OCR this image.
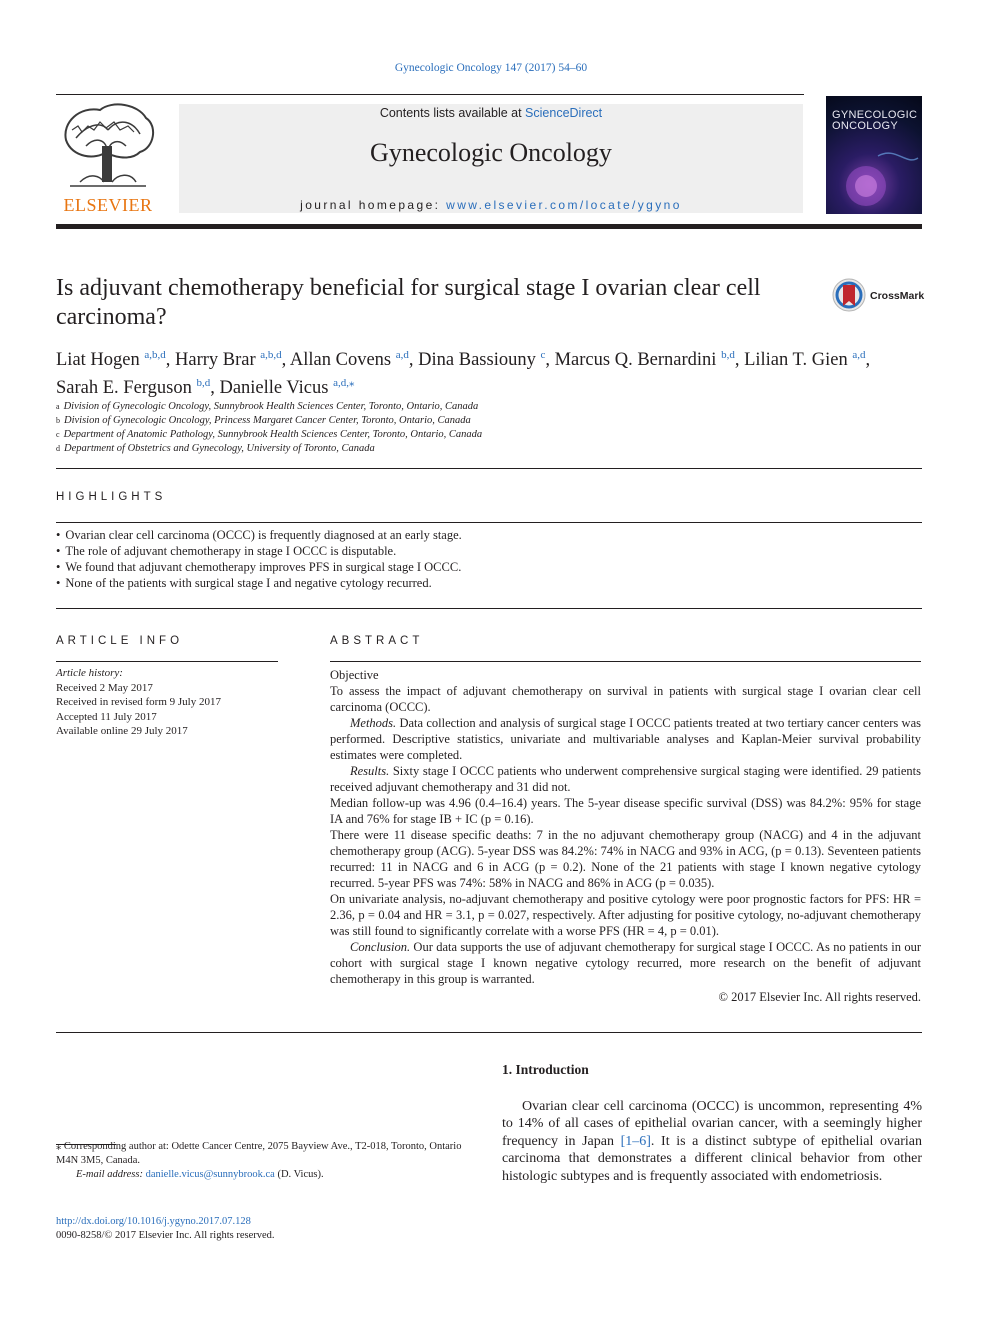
Gynecologic Oncology 147 (2017) 54–60
ELSEVIER
Contents lists available at ScienceDirect
Gynecologic Oncology
journal homepage: www.elsevier.com/locate/ygyno
GYNECOLOGIC ONCOLOGY
Is adjuvant chemotherapy beneficial for surgical stage I ovarian clear cell carcinoma?
CrossMark
Liat Hogen $^{a,b,d}$, Harry Brar $^{a,b,d}$, Allan Covens $^{a,d}$, Dina Bassiouny $^c$, Marcus Q. Bernardini $^{b,d}$, Lilian T. Gien $^{a,d}$,
Sarah E. Ferguson $^{b,d}$, Danielle Vicus $^{a,d,⁎}$
$^a$ Division of Gynecologic Oncology, Sunnybrook Health Sciences Center, Toronto, Ontario, Canada
$^b$ Division of Gynecologic Oncology, Princess Margaret Cancer Center, Toronto, Ontario, Canada
$^c$ Department of Anatomic Pathology, Sunnybrook Health Sciences Center, Toronto, Ontario, Canada
$^d$ Department of Obstetrics and Gynecology, University of Toronto, Canada
HIGHLIGHTS
• Ovarian clear cell carcinoma (OCCC) is frequently diagnosed at an early stage.
• The role of adjuvant chemotherapy in stage I OCCC is disputable.
• We found that adjuvant chemotherapy improves PFS in surgical stage I OCCC.
• None of the patients with surgical stage I and negative cytology recurred.
ARTICLE INFO
Article history:
Received 2 May 2017
Received in revised form 9 July 2017
Accepted 11 July 2017
Available online 29 July 2017
ABSTRACT

Objective

To assess the impact of adjuvant chemotherapy on survival in patients with surgical stage I ovarian clear cell carcinoma (OCCC).

Methods. Data collection and analysis of surgical stage I OCCC patients treated at two tertiary cancer centers was performed. Descriptive statistics, univariate and multivariable analyses and Kaplan-Meier survival probability estimates were completed.

Results. Sixty stage I OCCC patients who underwent comprehensive surgical staging were identified. 29 patients received adjuvant chemotherapy and 31 did not.

Median follow-up was 4.96 (0.4–16.4) years. The 5-year disease specific survival (DSS) was 84.2%: 95% for stage IA and 76% for stage IB + IC (p = 0.16).

There were 11 disease specific deaths: 7 in the no adjuvant chemotherapy group (NACG) and 4 in the adjuvant chemotherapy group (ACG). 5-year DSS was 84.2%: 74% in NACG and 93% in ACG, (p = 0.13). Seventeen patients recurred: 11 in NACG and 6 in ACG (p = 0.2). None of the 21 patients with stage I known negative cytology recurred. 5-year PFS was 74%: 58% in NACG and 86% in ACG (p = 0.035).

On univariate analysis, no-adjuvant chemotherapy and positive cytology were poor prognostic factors for PFS: HR = 2.36, p = 0.04 and HR = 3.1, p = 0.027, respectively. After adjusting for positive cytology, no-adjuvant chemotherapy was still found to significantly correlate with a worse PFS (HR = 4, p = 0.01).

Conclusion. Our data supports the use of adjuvant chemotherapy for surgical stage I OCCC. As no patients in our cohort with surgical stage I known negative cytology recurred, more research on the benefit of adjuvant chemotherapy in this group is warranted.

© 2017 Elsevier Inc. All rights reserved.

1. Introduction

Ovarian clear cell carcinoma (OCCC) is uncommon, representing 4% to 14% of all cases of epithelial ovarian cancer, with a seemingly higher frequency in Japan [1–6]. It is a distinct subtype of epithelial ovarian carcinoma that demonstrates a different clinical behavior from other histologic subtypes and is frequently associated with endometriosis.

⁎ Corresponding author at: Odette Cancer Centre, 2075 Bayview Ave., T2-018, Toronto, Ontario M4N 3M5, Canada.
E-mail address: danielle.vicus@sunnybrook.ca (D. Vicus).
http://dx.doi.org/10.1016/j.ygyno.2017.07.128
0090-8258/© 2017 Elsevier Inc. All rights reserved.
